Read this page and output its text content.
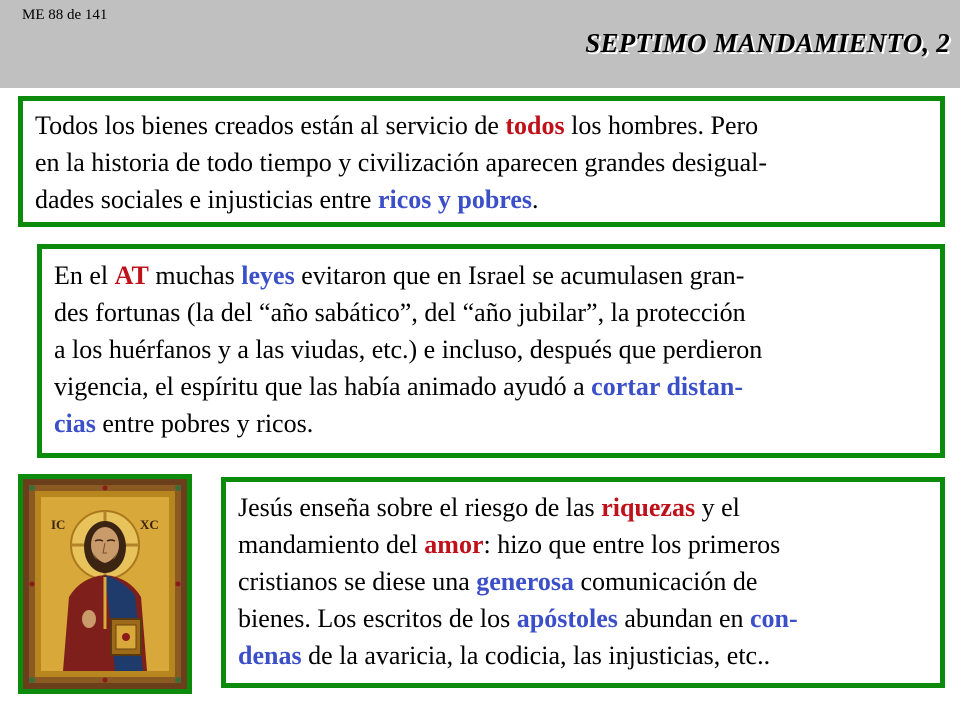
ME 88 de 141
SEPTIMO MANDAMIENTO, 2
Todos los bienes creados están al servicio de todos los hombres. Pero
en la historia de todo tiempo y civilización aparecen grandes desigual-
dades sociales e injusticias entre ricos y pobres.
En el AT muchas leyes evitaron que en Israel se acumulasen gran-
des fortunas (la del “año sabático”, del “año jubilar”, la protección
a los huérfanos y a las viudas, etc.) e incluso, después que perdieron
vigencia, el espíritu que las había animado ayudó a cortar distan-
cias entre pobres y ricos.
IC	XC
Jesús enseña sobre el riesgo de las riquezas y el
mandamiento del amor: hizo que entre los primeros
cristianos se diese una generosa comunicación de
bienes. Los escritos de los apóstoles abundan en con-
denas de la avaricia, la codicia, las injusticias, etc..
